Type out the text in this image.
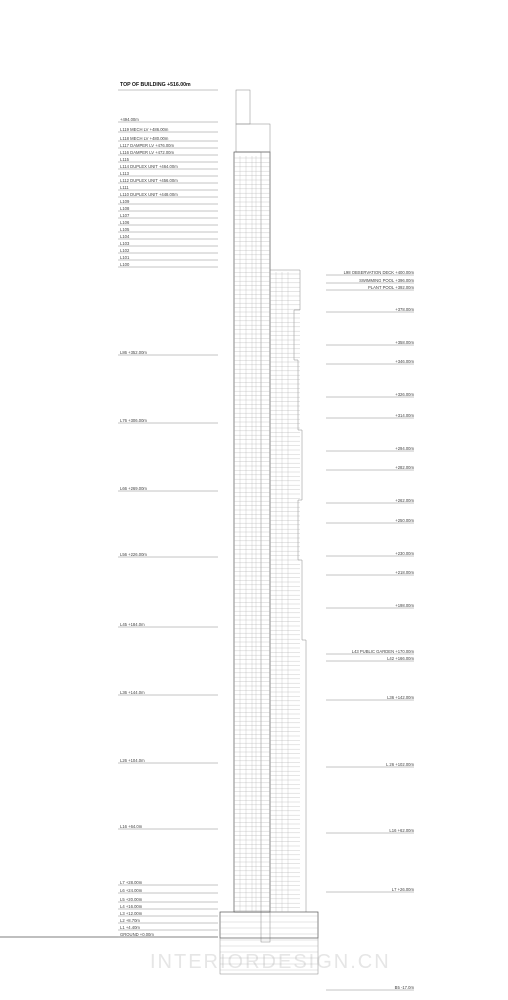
INTERIORDESIGN.CN
TOP OF BUILDING +516.00m
+494.00m
L119 MECH LV +486.00m
L118 MECH LV +480.00m
L117 DAMPER LV +476.00m
L116 DAMPER LV +472.00m
L115
L114 DUPLEX UNIT +464.00m
L113
L112 DUPLEX UNIT +456.00m
L111
L110 DUPLEX UNIT +448.00m
L109
L108
L107
L106
L105
L104
L103
L102
L101
L100
L86 +352.00m
L76 +306.00m
L66 +269.00m
L56 +226.00m
L45 +184.0m
L36 +144.0m
L26 +104.0m
L16 +64.0m
L7 +28.00m
L6 +24.00m
L5 +20.00m
L4 +16.00m
L3 +12.00m
L2 +8.70m
L1 +4.40m
GROUND +0.00m
L98 OBSERVATION DECK +400.00m
SWIMMING POOL +396.00m
PLANT POOL +392.00m
+378.00m
+358.00m
+346.00m
+326.00m
+314.00m
+294.00m
+282.00m
+262.00m
+250.00m
+230.00m
+218.00m
+198.00m
L43 PUBLIC GARDEN +170.00m
L42 +166.00m
L36 +142.00m
L 26 +102.00m
L16 +62.00m
L7 +26.00m
B5 -17.0m
